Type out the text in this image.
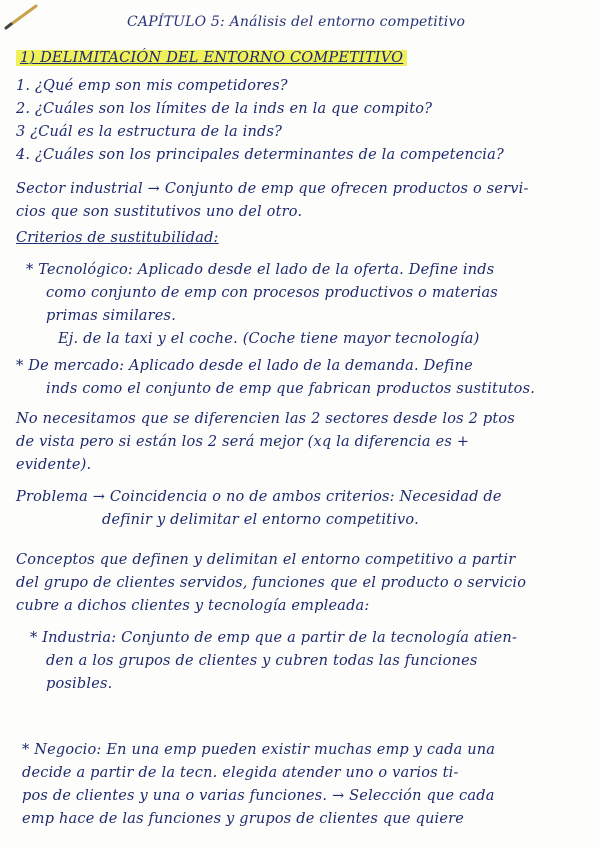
CAPÍTULO 5: Análisis del entorno competitivo
1) DELIMITACIÓN DEL ENTORNO COMPETITIVO
1. ¿Qué emp son mis competidores?
2. ¿Cuáles son los límites de la inds en la que compito?
3 ¿Cuál es la estructura de la inds?
4. ¿Cuáles son los principales determinantes de la competencia?
Sector industrial → Conjunto de emp que ofrecen productos o servi-
cios que son sustitutivos uno del otro.
Criterios de sustitubilidad:
* Tecnológico: Aplicado desde el lado de la oferta. Define inds
como conjunto de emp con procesos productivos o materias
primas similares.
Ej. de la taxi y el coche. (Coche tiene mayor tecnología)
* De mercado: Aplicado desde el lado de la demanda. Define
inds como el conjunto de emp que fabrican productos sustitutos.
No necesitamos que se diferencien las 2 sectores desde los 2 ptos
de vista pero si están los 2 será mejor (xq la diferencia es +
evidente).
Problema → Coincidencia o no de ambos criterios: Necesidad de
definir y delimitar el entorno competitivo.
Conceptos que definen y delimitan el entorno competitivo a partir
del grupo de clientes servidos, funciones que el producto o servicio
cubre a dichos clientes y tecnología empleada:
* Industria: Conjunto de emp que a partir de la tecnología atien-
den a los grupos de clientes y cubren todas las funciones
posibles.
* Negocio: En una emp pueden existir muchas emp y cada una
decide a partir de la tecn. elegida atender uno o varios ti-
pos de clientes y una o varias funciones. → Selección que cada
emp hace de las funciones y grupos de clientes que quiere
